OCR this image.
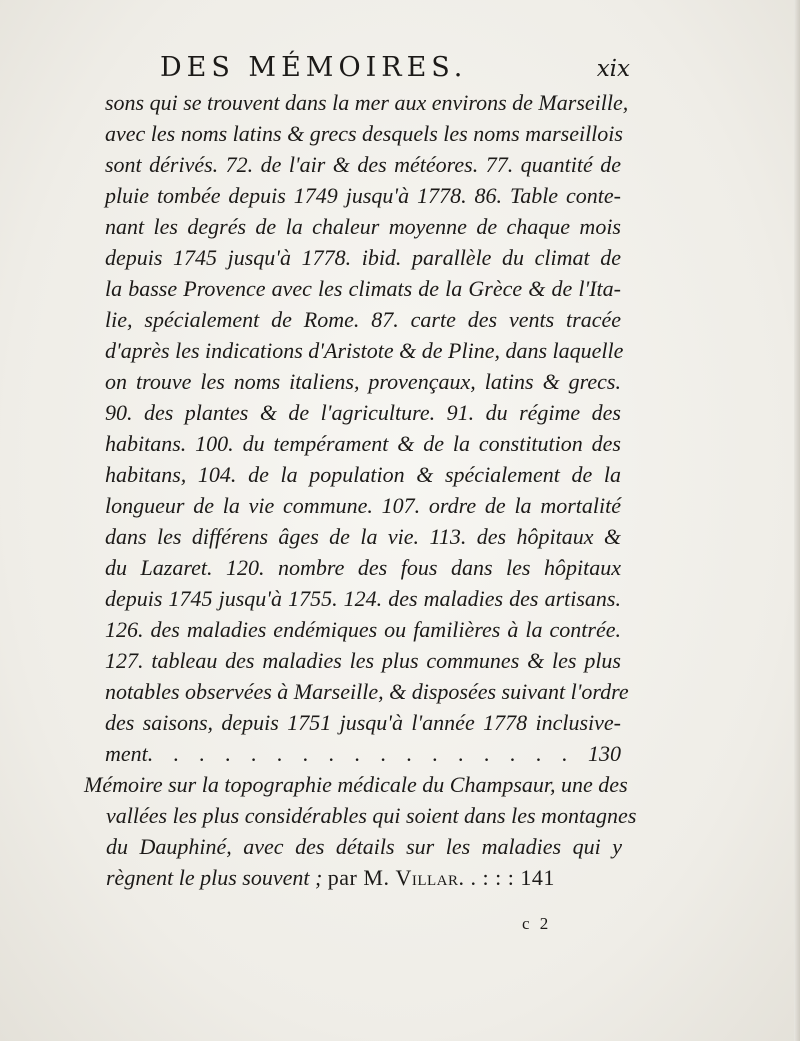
DES MÉMOIRES.	xix
sons qui se trouvent dans la mer aux environs de Marseille,
avec les noms latins & grecs desquels les noms marseillois
sont dérivés. 72. de l'air & des météores. 77. quantité de
pluie tombée depuis 1749 jusqu'à 1778. 86. Table conte-
nant les degrés de la chaleur moyenne de chaque mois
depuis 1745 jusqu'à 1778. ibid. parallèle du climat de
la basse Provence avec les climats de la Grèce & de l'Ita-
lie, spécialement de Rome. 87. carte des vents tracée
d'après les indications d'Aristote & de Pline, dans laquelle
on trouve les noms italiens, provençaux, latins & grecs.
90. des plantes & de l'agriculture. 91. du régime des
habitans. 100. du tempérament & de la constitution des
habitans, 104. de la population & spécialement de la
longueur de la vie commune. 107. ordre de la mortalité
dans les différens âges de la vie. 113. des hôpitaux &
du Lazaret. 120. nombre des fous dans les hôpitaux
depuis 1745 jusqu'à 1755. 124. des maladies des artisans.
126. des maladies endémiques ou familières à la contrée.
127. tableau des maladies les plus communes & les plus
notables observées à Marseille, & disposées suivant l'ordre
des saisons, depuis 1751 jusqu'à l'année 1778 inclusive-
ment. . . . . . . . . . . . . . . . . 130
Mémoire sur la topographie médicale du Champsaur, une des
vallées les plus considérables qui soient dans les montagnes
du Dauphiné, avec des détails sur les maladies qui y
règnent le plus souvent ; par M. Villar. . : : : 141
c 2
